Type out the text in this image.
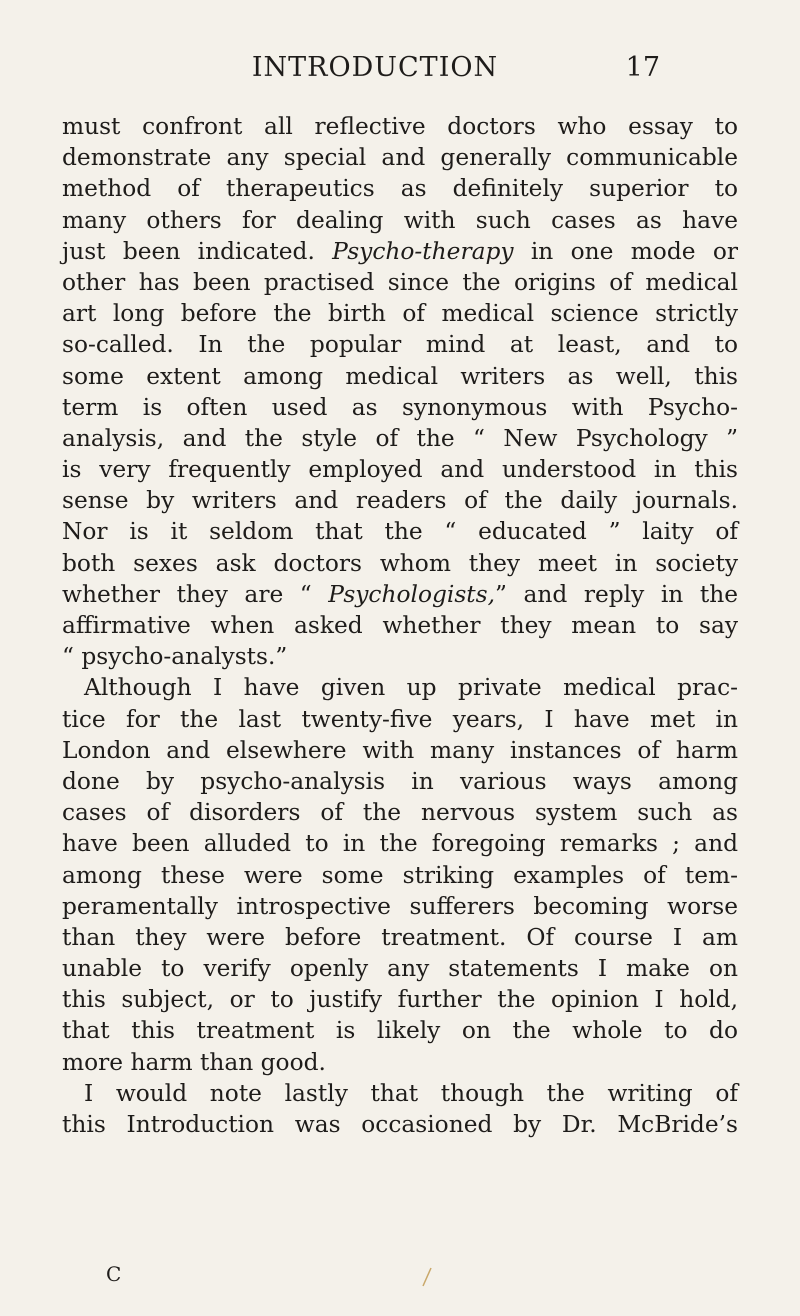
INTRODUCTION	17
must confront all reflective doctors who essay to
demonstrate any special and generally communicable
method of therapeutics as definitely superior to
many others for dealing with such cases as have
just been indicated. Psycho-therapy in one mode or
other has been practised since the origins of medical
art long before the birth of medical science strictly
so-called. In the popular mind at least, and to
some extent among medical writers as well, this
term is often used as synonymous with Psycho-
analysis, and the style of the “ New Psychology ”
is very frequently employed and understood in this
sense by writers and readers of the daily journals.
Nor is it seldom that the “ educated ” laity of
both sexes ask doctors whom they meet in society
whether they are “ Psychologists,” and reply in the
affirmative when asked whether they mean to say
“ psycho-analysts.”
Although I have given up private medical prac-
tice for the last twenty-five years, I have met in
London and elsewhere with many instances of harm
done by psycho-analysis in various ways among
cases of disorders of the nervous system such as
have been alluded to in the foregoing remarks ; and
among these were some striking examples of tem-
peramentally introspective sufferers becoming worse
than they were before treatment. Of course I am
unable to verify openly any statements I make on
this subject, or to justify further the opinion I hold,
that this treatment is likely on the whole to do
more harm than good.
I would note lastly that though the writing of
this Introduction was occasioned by Dr. McBride’s
C
